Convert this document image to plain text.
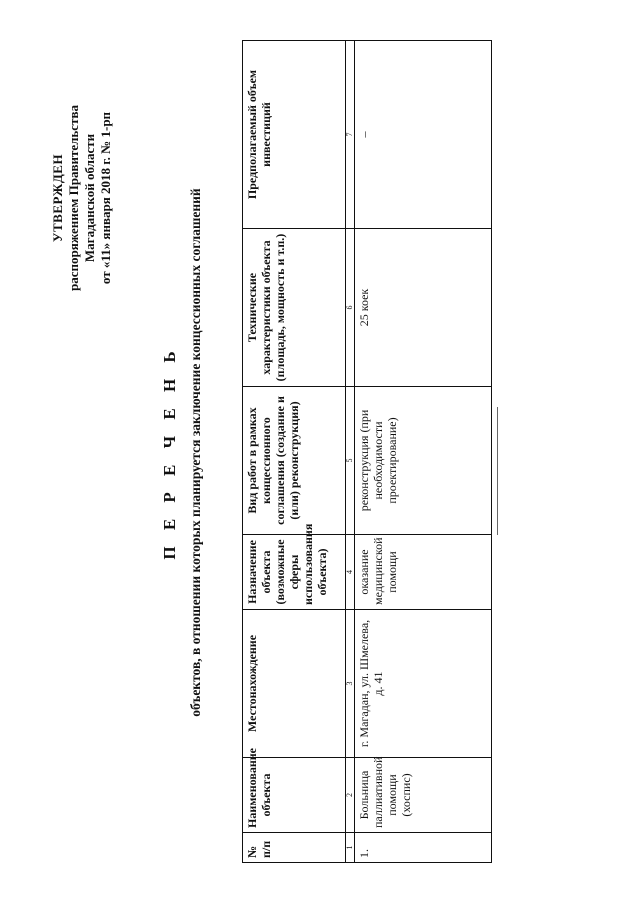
УТВЕРЖДЕН распоряжением Правительства Магаданской области от «11» января 2018 г. № 1-рп
П Е Р Е Ч Е Н Ь объектов, в отношении которых планируется заключение концессионных соглашений
№ п/п	Наименование объекта	Местонахождение	Назначение объекта (возможные сферы использования объекта)	Вид работ в рамках концессионного соглашения (создание и (или) реконструкция)	Технические характеристики объекта (площадь, мощность и т.п.)	Предполагаемый объем инвестиций
1	2	3	4	5	6	7
1.	Больница паллиативной помощи (хоспис)	г. Магадан, ул. Шмелева, д. 41	оказание медицинской помощи	реконструкция (при необходимости проектирование)	25 коек	–
